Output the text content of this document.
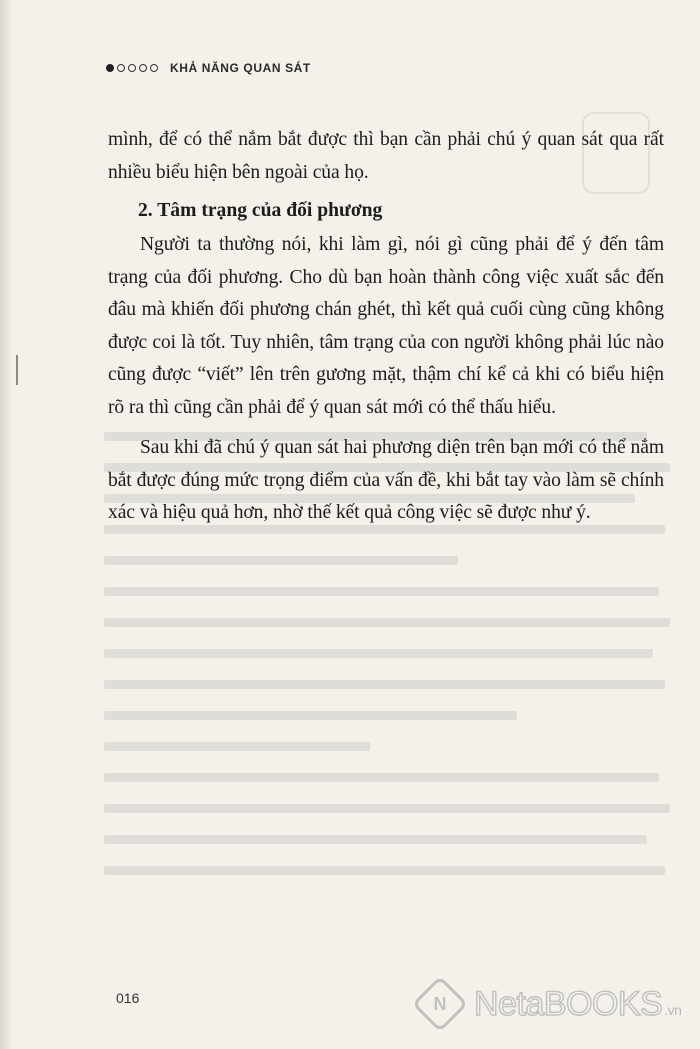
KHẢ NĂNG QUAN SÁT

mình, để có thể nắm bắt được thì bạn cần phải chú ý quan sát qua rất nhiều biểu hiện bên ngoài của họ.

2. Tâm trạng của đối phương

Người ta thường nói, khi làm gì, nói gì cũng phải để ý đến tâm trạng của đối phương. Cho dù bạn hoàn thành công việc xuất sắc đến đâu mà khiến đối phương chán ghét, thì kết quả cuối cùng cũng không được coi là tốt. Tuy nhiên, tâm trạng của con người không phải lúc nào cũng được “viết” lên trên gương mặt, thậm chí kể cả khi có biểu hiện rõ ra thì cũng cần phải để ý quan sát mới có thể thấu hiểu.

Sau khi đã chú ý quan sát hai phương diện trên bạn mới có thể nắm bắt được đúng mức trọng điểm của vấn đề, khi bắt tay vào làm sẽ chính xác và hiệu quả hơn, nhờ thế kết quả công việc sẽ được như ý.

016	N NetaBOOKS .vn
